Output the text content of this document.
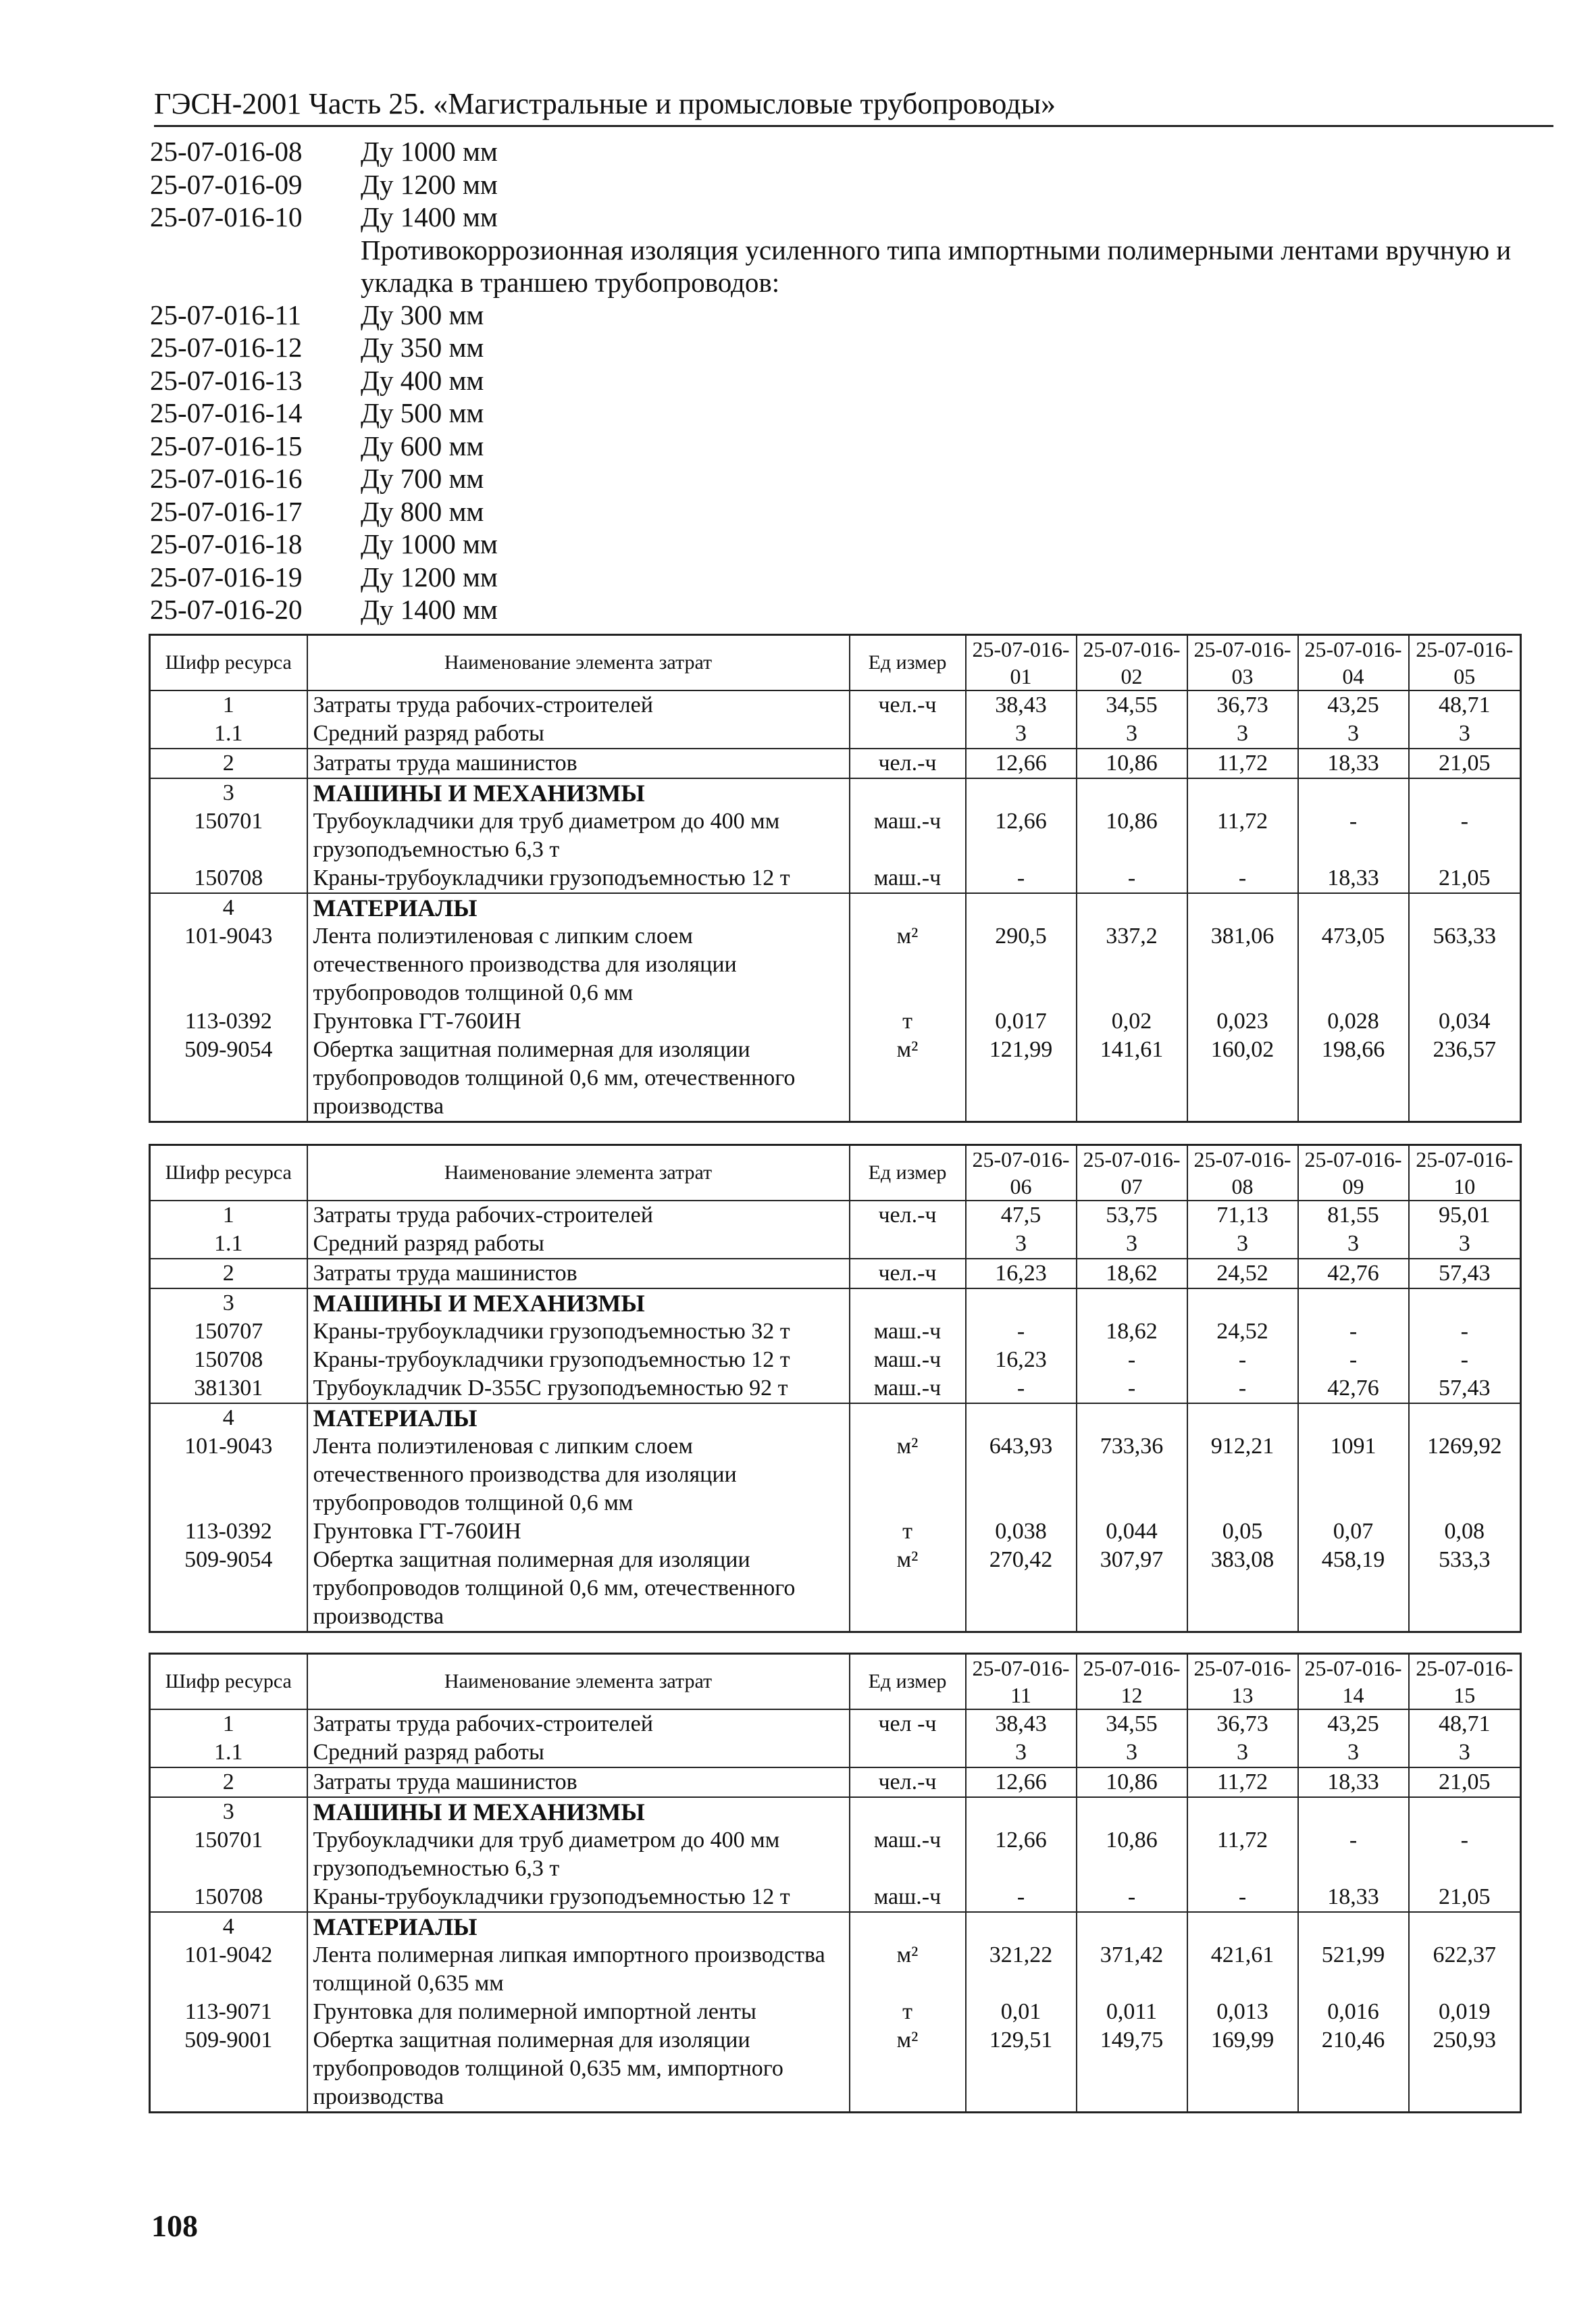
ГЭСН-2001 Часть 25. «Магистральные и промысловые трубопроводы»
25-07-016-08	Ду 1000 мм
25-07-016-09	Ду 1200 мм
25-07-016-10	Ду 1400 мм
Противокоррозионная изоляция усиленного типа импортными полимерными лентами вручную и укладка в траншею трубопроводов:
25-07-016-11	Ду 300 мм
25-07-016-12	Ду 350 мм
25-07-016-13	Ду 400 мм
25-07-016-14	Ду 500 мм
25-07-016-15	Ду 600 мм
25-07-016-16	Ду 700 мм
25-07-016-17	Ду 800 мм
25-07-016-18	Ду 1000 мм
25-07-016-19	Ду 1200 мм
25-07-016-20	Ду 1400 мм
Шифр ресурса	Наименование элемента затрат	Ед измер	25-07-016-01	25-07-016-02	25-07-016-03	25-07-016-04	25-07-016-05
1	Затраты труда рабочих-строителей	чел.-ч	38,43	34,55	36,73	43,25	48,71
1.1	Средний разряд работы		3	3	3	3	3
2	Затраты труда машинистов	чел.-ч	12,66	10,86	11,72	18,33	21,05
3	МАШИНЫ И МЕХАНИЗМЫ						
150701	Трубоукладчики для труб диаметром до 400 мм грузоподъемностью 6,3 т	маш.-ч	12,66	10,86	11,72	-	-
150708	Краны-трубоукладчики грузоподъемностью 12 т	маш.-ч	-	-	-	18,33	21,05
4	МАТЕРИАЛЫ						
101-9043	Лента полиэтиленовая с липким слоем отечественного производства для изоляции трубопроводов толщиной 0,6 мм	м²	290,5	337,2	381,06	473,05	563,33
113-0392	Грунтовка ГТ-760ИН	т	0,017	0,02	0,023	0,028	0,034
509-9054	Обертка защитная полимерная для изоляции трубопроводов толщиной 0,6 мм, отечественного производства	м²	121,99	141,61	160,02	198,66	236,57
Шифр ресурса	Наименование элемента затрат	Ед измер	25-07-016-06	25-07-016-07	25-07-016-08	25-07-016-09	25-07-016-10
1	Затраты труда рабочих-строителей	чел.-ч	47,5	53,75	71,13	81,55	95,01
1.1	Средний разряд работы		3	3	3	3	3
2	Затраты труда машинистов	чел.-ч	16,23	18,62	24,52	42,76	57,43
3	МАШИНЫ И МЕХАНИЗМЫ						
150707	Краны-трубоукладчики грузоподъемностью 32 т	маш.-ч	-	18,62	24,52	-	-
150708	Краны-трубоукладчики грузоподъемностью 12 т	маш.-ч	16,23	-	-	-	-
381301	Трубоукладчик D-355C грузоподъемностью 92 т	маш.-ч	-	-	-	42,76	57,43
4	МАТЕРИАЛЫ						
101-9043	Лента полиэтиленовая с липким слоем отечественного производства для изоляции трубопроводов толщиной 0,6 мм	м²	643,93	733,36	912,21	1091	1269,92
113-0392	Грунтовка ГТ-760ИН	т	0,038	0,044	0,05	0,07	0,08
509-9054	Обертка защитная полимерная для изоляции трубопроводов толщиной 0,6 мм, отечественного производства	м²	270,42	307,97	383,08	458,19	533,3
Шифр ресурса	Наименование элемента затрат	Ед измер	25-07-016-11	25-07-016-12	25-07-016-13	25-07-016-14	25-07-016-15
1	Затраты труда рабочих-строителей	чел -ч	38,43	34,55	36,73	43,25	48,71
1.1	Средний разряд работы		3	3	3	3	3
2	Затраты труда машинистов	чел.-ч	12,66	10,86	11,72	18,33	21,05
3	МАШИНЫ И МЕХАНИЗМЫ						
150701	Трубоукладчики для труб диаметром до 400 мм грузоподъемностью 6,3 т	маш.-ч	12,66	10,86	11,72	-	-
150708	Краны-трубоукладчики грузоподъемностью 12 т	маш.-ч	-	-	-	18,33	21,05
4	МАТЕРИАЛЫ						
101-9042	Лента полимерная липкая импортного производства толщиной 0,635 мм	м²	321,22	371,42	421,61	521,99	622,37
113-9071	Грунтовка для полимерной импортной ленты	т	0,01	0,011	0,013	0,016	0,019
509-9001	Обертка защитная полимерная для изоляции трубопроводов толщиной 0,635 мм, импортного производства	м²	129,51	149,75	169,99	210,46	250,93
108
